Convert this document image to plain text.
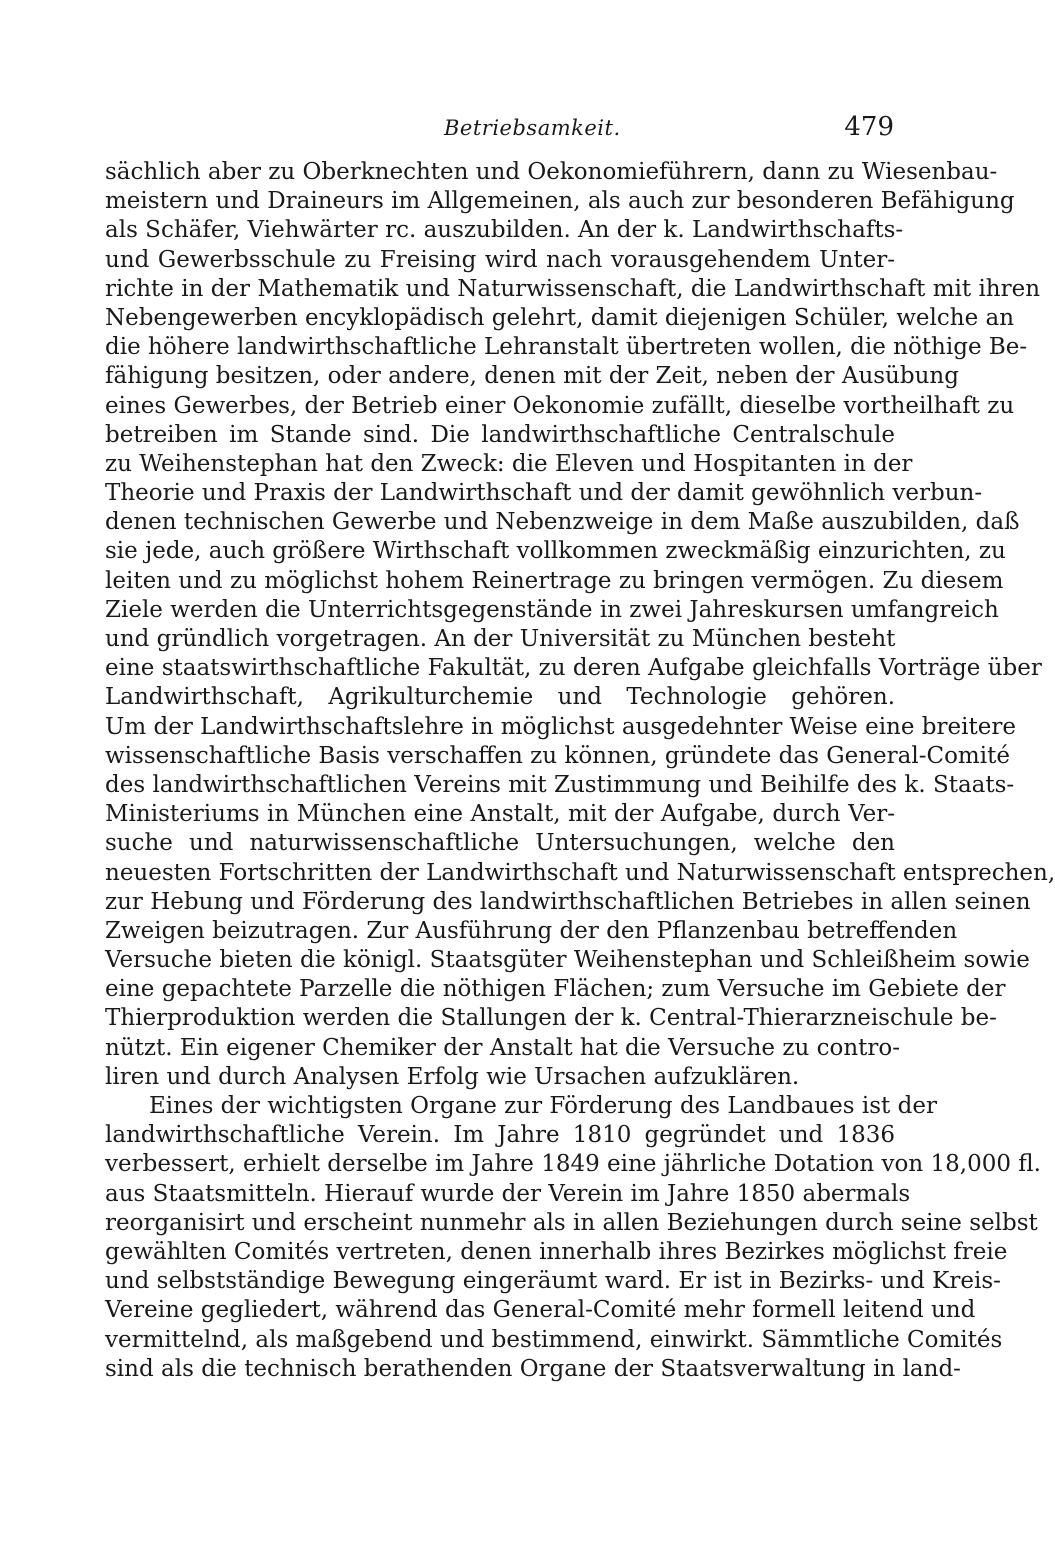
Betriebsamkeit.	479
sächlich aber zu Oberknechten und Oekonomieführern, dann zu Wiesenbau-
meistern und Draineurs im Allgemeinen, als auch zur besonderen Befähigung
als Schäfer, Viehwärter rc. auszubilden. An der k. Landwirthschafts-
und Gewerbsschule zu Freising wird nach vorausgehendem Unter-
richte in der Mathematik und Naturwissenschaft, die Landwirthschaft mit ihren
Nebengewerben encyklopädisch gelehrt, damit diejenigen Schüler, welche an
die höhere landwirthschaftliche Lehranstalt übertreten wollen, die nöthige Be-
fähigung besitzen, oder andere, denen mit der Zeit, neben der Ausübung
eines Gewerbes, der Betrieb einer Oekonomie zufällt, dieselbe vortheilhaft zu
betreiben im Stande sind. Die landwirthschaftliche Centralschule
zu Weihenstephan hat den Zweck: die Eleven und Hospitanten in der
Theorie und Praxis der Landwirthschaft und der damit gewöhnlich verbun-
denen technischen Gewerbe und Nebenzweige in dem Maße auszubilden, daß
sie jede, auch größere Wirthschaft vollkommen zweckmäßig einzurichten, zu
leiten und zu möglichst hohem Reinertrage zu bringen vermögen. Zu diesem
Ziele werden die Unterrichtsgegenstände in zwei Jahreskursen umfangreich
und gründlich vorgetragen. An der Universität zu München besteht
eine staatswirthschaftliche Fakultät, zu deren Aufgabe gleichfalls Vorträge über
Landwirthschaft, Agrikulturchemie und Technologie gehören.
Um der Landwirthschaftslehre in möglichst ausgedehnter Weise eine breitere
wissenschaftliche Basis verschaffen zu können, gründete das General-Comité
des landwirthschaftlichen Vereins mit Zustimmung und Beihilfe des k. Staats-
Ministeriums in München eine Anstalt, mit der Aufgabe, durch Ver-
suche und naturwissenschaftliche Untersuchungen, welche den
neuesten Fortschritten der Landwirthschaft und Naturwissenschaft entsprechen,
zur Hebung und Förderung des landwirthschaftlichen Betriebes in allen seinen
Zweigen beizutragen. Zur Ausführung der den Pflanzenbau betreffenden
Versuche bieten die königl. Staatsgüter Weihenstephan und Schleißheim sowie
eine gepachtete Parzelle die nöthigen Flächen; zum Versuche im Gebiete der
Thierproduktion werden die Stallungen der k. Central-Thierarzneischule be-
nützt. Ein eigener Chemiker der Anstalt hat die Versuche zu contro-
liren und durch Analysen Erfolg wie Ursachen aufzuklären.
Eines der wichtigsten Organe zur Förderung des Landbaues ist der
landwirthschaftliche Verein. Im Jahre 1810 gegründet und 1836
verbessert, erhielt derselbe im Jahre 1849 eine jährliche Dotation von 18,000 fl.
aus Staatsmitteln. Hierauf wurde der Verein im Jahre 1850 abermals
reorganisirt und erscheint nunmehr als in allen Beziehungen durch seine selbst
gewählten Comités vertreten, denen innerhalb ihres Bezirkes möglichst freie
und selbstständige Bewegung eingeräumt ward. Er ist in Bezirks- und Kreis-
Vereine gegliedert, während das General-Comité mehr formell leitend und
vermittelnd, als maßgebend und bestimmend, einwirkt. Sämmtliche Comités
sind als die technisch berathenden Organe der Staatsverwaltung in land-
